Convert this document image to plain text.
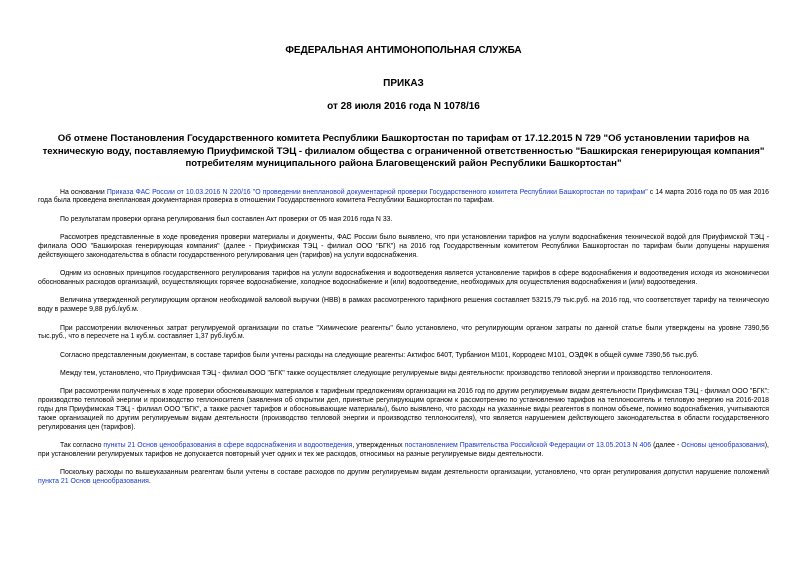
ФЕДЕРАЛЬНАЯ АНТИМОНОПОЛЬНАЯ СЛУЖБА
ПРИКАЗ
от 28 июля 2016 года N 1078/16
Об отмене Постановления Государственного комитета Республики Башкортостан по тарифам от 17.12.2015 N 729 "Об установлении тарифов на техническую воду, поставляемую Приуфимской ТЭЦ - филиалом общества с ограниченной ответственностью "Башкирская генерирующая компания" потребителям муниципального района Благовещенский район Республики Башкортостан"

На основании Приказа ФАС России от 10.03.2016 N 220/16 "О проведении внеплановой документарной проверки Государственного комитета Республики Башкортостан по тарифам" с 14 марта 2016 года по 05 мая 2016 года была проведена внеплановая документарная проверка в отношении Государственного комитета Республики Башкортостан по тарифам.

По результатам проверки органа регулирования был составлен Акт проверки от 05 мая 2016 года N 33.

Рассмотрев представленные в ходе проведения проверки материалы и документы, ФАС России было выявлено, что при установлении тарифов на услуги водоснабжения технической водой для Приуфимской ТЭЦ - филиала ООО "Башкирская генерирующая компания" (далее - Приуфимская ТЭЦ - филиал ООО "БГК") на 2016 год Государственным комитетом Республики Башкортостан по тарифам были допущены нарушения действующего законодательства в области государственного регулирования цен (тарифов) на услуги водоснабжения.

Одним из основных принципов государственного регулирования тарифов на услуги водоснабжения и водоотведения является установление тарифов в сфере водоснабжения и водоотведения исходя из экономически обоснованных расходов организаций, осуществляющих горячее водоснабжение, холодное водоснабжение и (или) водоотведение, необходимых для осуществления водоснабжения и (или) водоотведения.

Величина утвержденной регулирующим органом необходимой валовой выручки (НВВ) в рамках рассмотренного тарифного решения составляет 53215,79 тыс.руб. на 2016 год, что соответствует тарифу на техническую воду в размере 9,88 руб./куб.м.

При рассмотрении включенных затрат регулируемой организации по статье "Химические реагенты" было установлено, что регулирующим органом затраты по данной статье были утверждены на уровне 7390,56 тыс.руб., что в пересчете на 1 куб.м. составляет 1,37 руб./куб.м.

Согласно представленным документам, в составе тарифов были учтены расходы на следующие реагенты: Актифос 640Т, Турбанион М101, Корродекс М101, ОЭДФК в общей сумме 7390,56 тыс.руб.

Между тем, установлено, что Приуфимская ТЭЦ - филиал ООО "БГК" также осуществляет следующие регулируемые виды деятельности: производство тепловой энергии и производство теплоносителя.

При рассмотрении полученных в ходе проверки обосновывающих материалов к тарифным предложениям организации на 2016 год по другим регулируемым видам деятельности Приуфимская ТЭЦ - филиал ООО "БГК": производство тепловой энергии и производство теплоносителя (заявления об открытии дел, принятые регулирующим органом к рассмотрению по установлению тарифов на теплоноситель и тепловую энергию на 2016-2018 годы для Приуфимская ТЭЦ - филиал ООО "БГК", а также расчет тарифов и обосновывающие материалы), было выявлено, что расходы на указанные виды реагентов в полном объеме, помимо водоснабжения, учитываются также организацией по другим регулируемым видам деятельности (производство тепловой энергии и производство теплоносителя), что является нарушением действующего законодательства в области государственного регулирования цен (тарифов).

Так согласно пункты 21 Основ ценообразования в сфере водоснабжения и водоотведения, утвержденных постановлением Правительства Российской Федерации от 13.05.2013 N 406 (далее - Основы ценообразования), при установлении регулируемых тарифов не допускается повторный учет одних и тех же расходов, относимых на разные регулируемые виды деятельности.

Поскольку расходы по вышеуказанным реагентам были учтены в составе расходов по другим регулируемым видам деятельности организации, установлено, что орган регулирования допустил нарушение положений пункта 21 Основ ценообразования.
